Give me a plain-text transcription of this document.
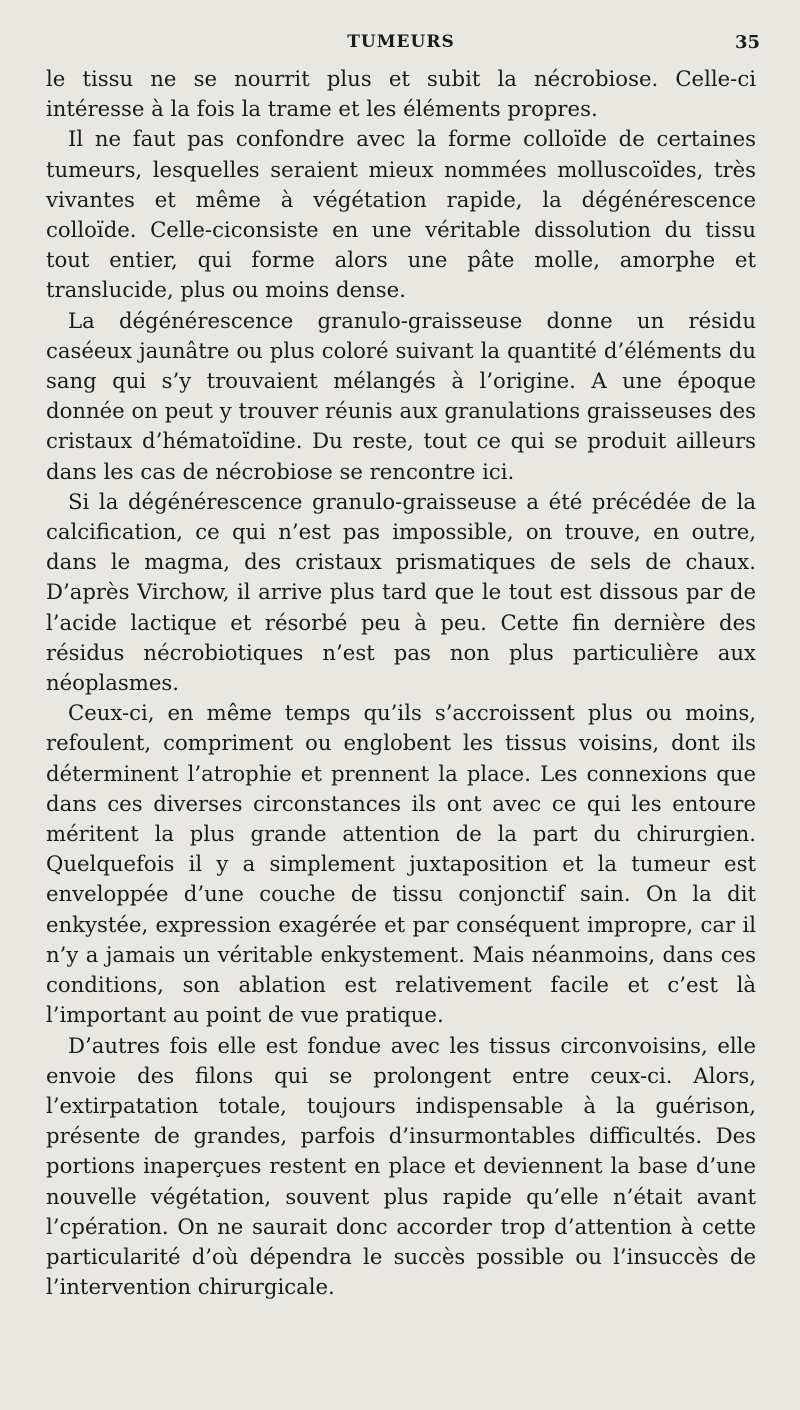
TUMEURS	35

le tissu ne se nourrit plus et subit la nécrobiose. Celle-ci intéresse à la fois la trame et les éléments propres.

Il ne faut pas confondre avec la forme colloïde de certaines tumeurs, lesquelles seraient mieux nommées molluscoïdes, très vivantes et même à végétation rapide, la dégénérescence colloïde. Celle-ciconsiste en une véritable dissolution du tissu tout entier, qui forme alors une pâte molle, amorphe et translucide, plus ou moins dense.

La dégénérescence granulo-graisseuse donne un résidu caséeux jaunâtre ou plus coloré suivant la quantité d’éléments du sang qui s’y trouvaient mélangés à l’origine. A une époque donnée on peut y trouver réunis aux granulations graisseuses des cristaux d’hématoïdine. Du reste, tout ce qui se produit ailleurs dans les cas de nécrobiose se rencontre ici.

Si la dégénérescence granulo-graisseuse a été précédée de la calcification, ce qui n’est pas impossible, on trouve, en outre, dans le magma, des cristaux prismatiques de sels de chaux. D’après Virchow, il arrive plus tard que le tout est dissous par de l’acide lactique et résorbé peu à peu. Cette fin dernière des résidus nécrobiotiques n’est pas non plus particulière aux néoplasmes.

Ceux-ci, en même temps qu’ils s’accroissent plus ou moins, refoulent, compriment ou englobent les tissus voisins, dont ils déterminent l’atrophie et prennent la place. Les connexions que dans ces diverses circonstances ils ont avec ce qui les entoure méritent la plus grande attention de la part du chirurgien. Quelquefois il y a simplement juxtaposition et la tumeur est enveloppée d’une couche de tissu conjonctif sain. On la dit enkystée, expression exagérée et par conséquent impropre, car il n’y a jamais un véritable enkystement. Mais néanmoins, dans ces conditions, son ablation est relativement facile et c’est là l’important au point de vue pratique.

D’autres fois elle est fondue avec les tissus circonvoisins, elle envoie des filons qui se prolongent entre ceux-ci. Alors, l’extirpatation totale, toujours indispensable à la guérison, présente de grandes, parfois d’insurmontables difficultés. Des portions inaperçues restent en place et deviennent la base d’une nouvelle végétation, souvent plus rapide qu’elle n’était avant l’cpération. On ne saurait donc accorder trop d’attention à cette particularité d’où dépendra le succès possible ou l’insuccès de l’intervention chirurgicale.
